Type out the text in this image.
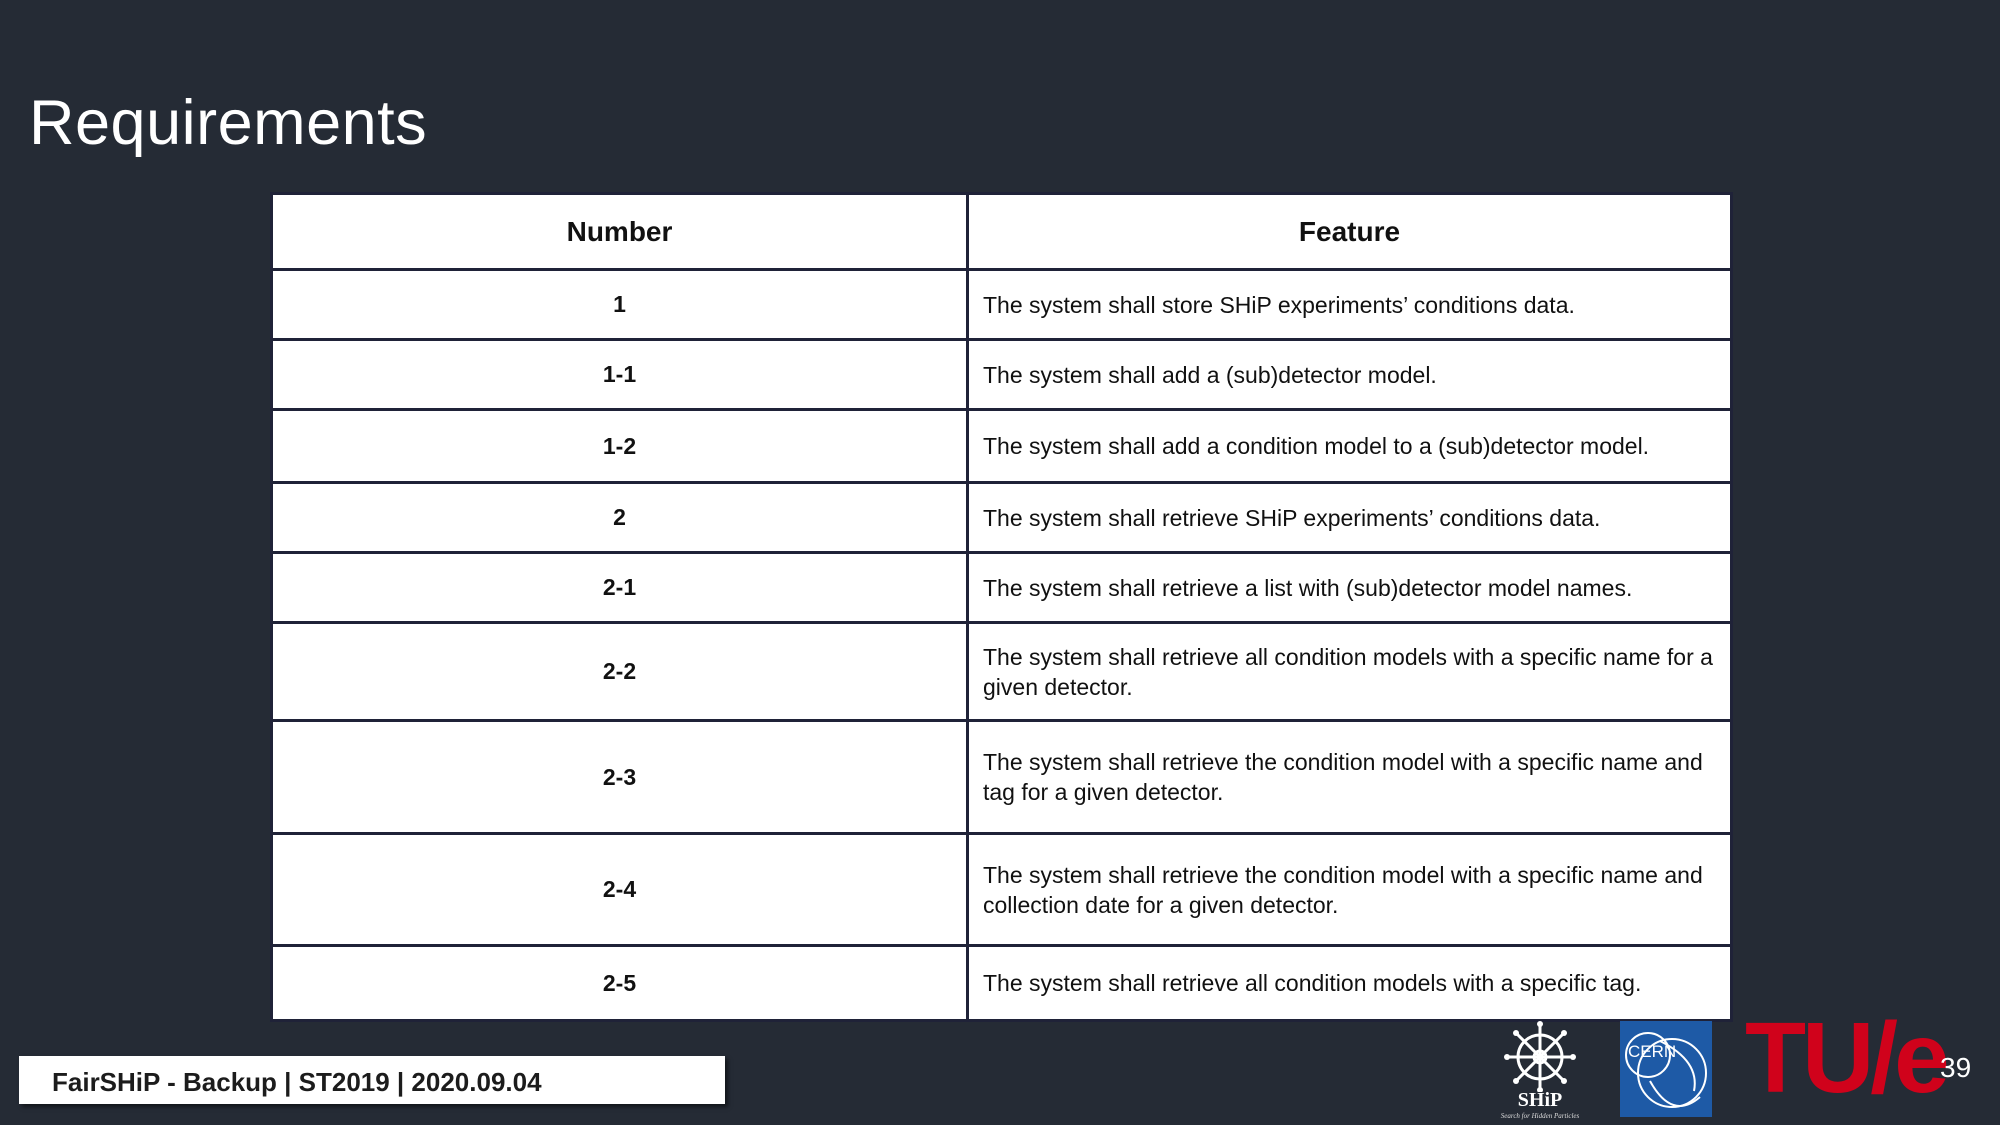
Requirements
Number	Feature
1	The system shall store SHiP experiments’ conditions data.
1-1	The system shall add a (sub)detector model.
1-2	The system shall add a condition model to a (sub)detector model.
2	The system shall retrieve SHiP experiments’ conditions data.
2-1	The system shall retrieve a list with (sub)detector model names.
2-2	The system shall retrieve all condition models with a specific name for a given detector.
2-3	The system shall retrieve the condition model with a specific name and tag for a given detector.
2-4	The system shall retrieve the condition model with a specific name and collection date for a given detector.
2-5	The system shall retrieve all condition models with a specific tag.
FairSHiP - Backup | ST2019 | 2020.09.04
SHiP
Search for Hidden Particles
CERN TU/e
39
